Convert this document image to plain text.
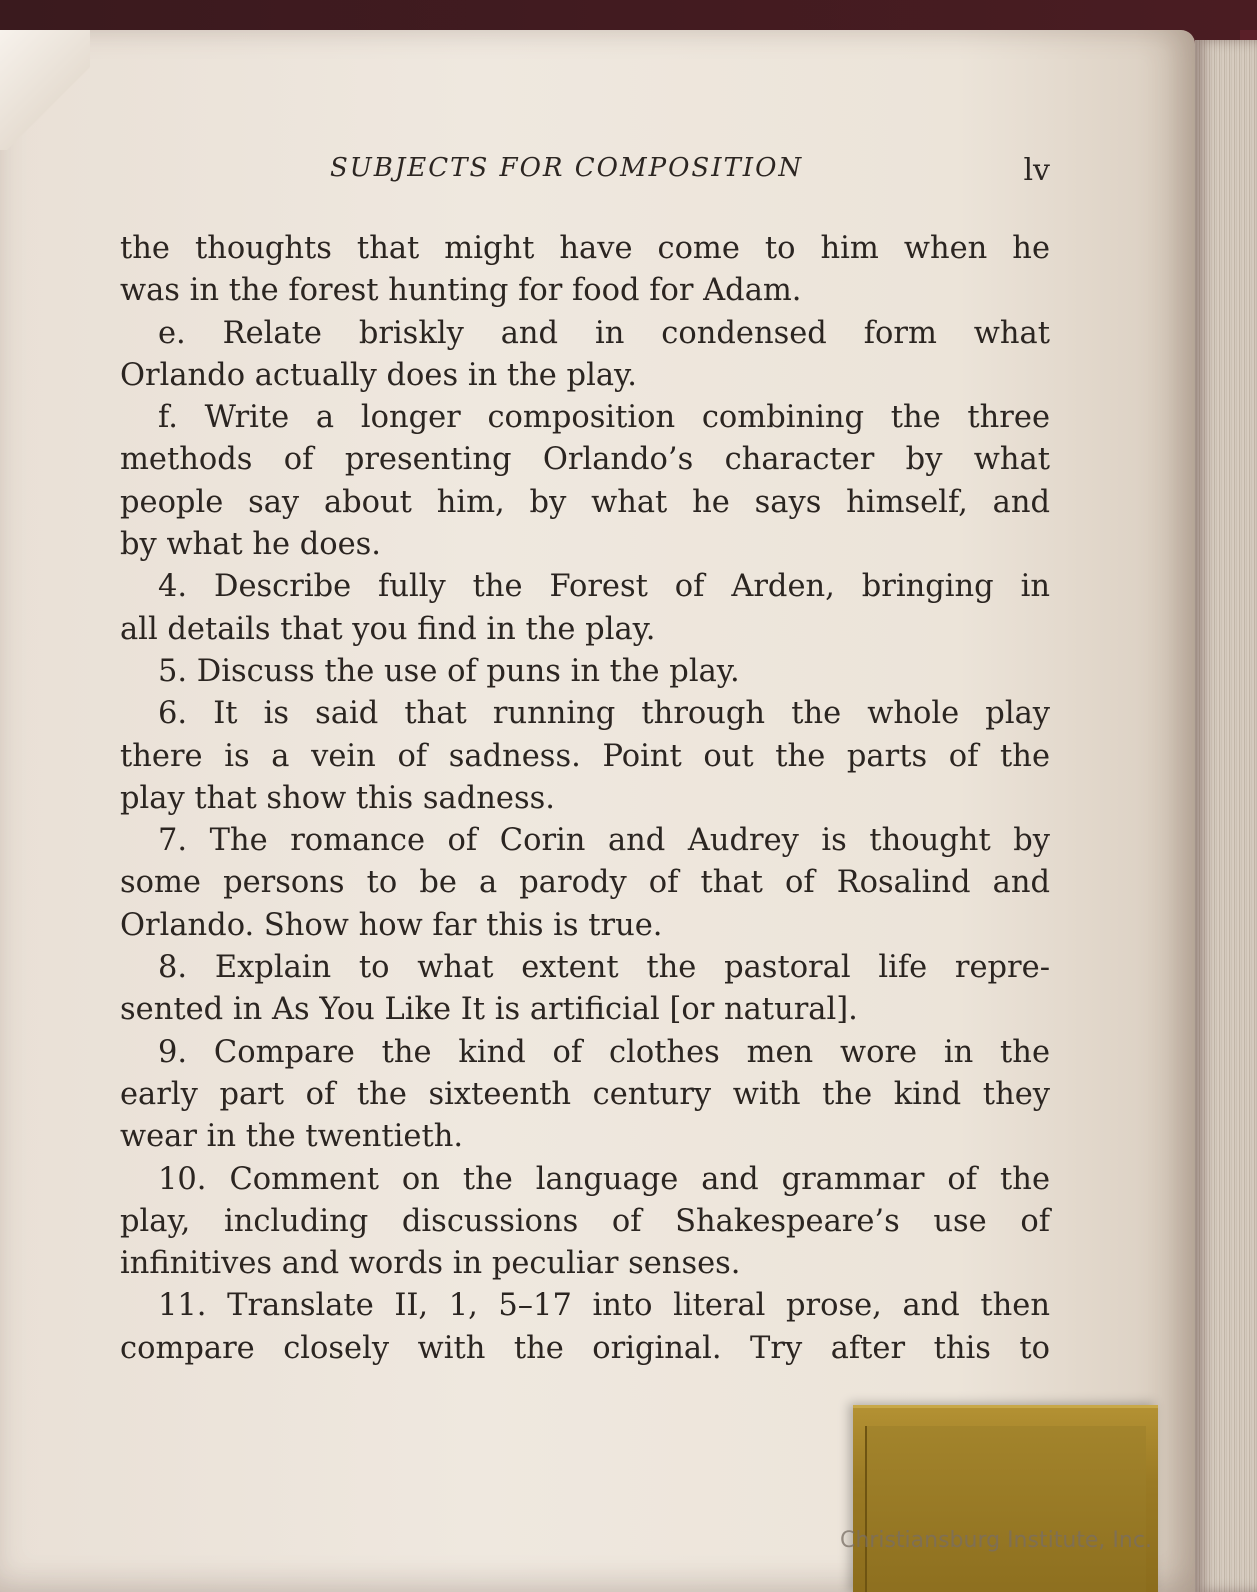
SUBJECTS FOR COMPOSITION	lv
the thoughts that might have come to him when he
was in the forest hunting for food for Adam.
e. Relate briskly and in condensed form what
Orlando actually does in the play.
f. Write a longer composition combining the three
methods of presenting Orlando’s character by what
people say about him, by what he says himself, and
by what he does.
4. Describe fully the Forest of Arden, bringing in
all details that you find in the play.
5. Discuss the use of puns in the play.
6. It is said that running through the whole play
there is a vein of sadness. Point out the parts of the
play that show this sadness.
7. The romance of Corin and Audrey is thought by
some persons to be a parody of that of Rosalind and
Orlando. Show how far this is true.
8. Explain to what extent the pastoral life repre-
sented in As You Like It is artificial [or natural].
9. Compare the kind of clothes men wore in the
early part of the sixteenth century with the kind they
wear in the twentieth.
10. Comment on the language and grammar of the
play, including discussions of Shakespeare’s use of
infinitives and words in peculiar senses.
11. Translate II, 1, 5–17 into literal prose, and then
compare closely with the original. Try after this to
Christiansburg Institute, Inc.
